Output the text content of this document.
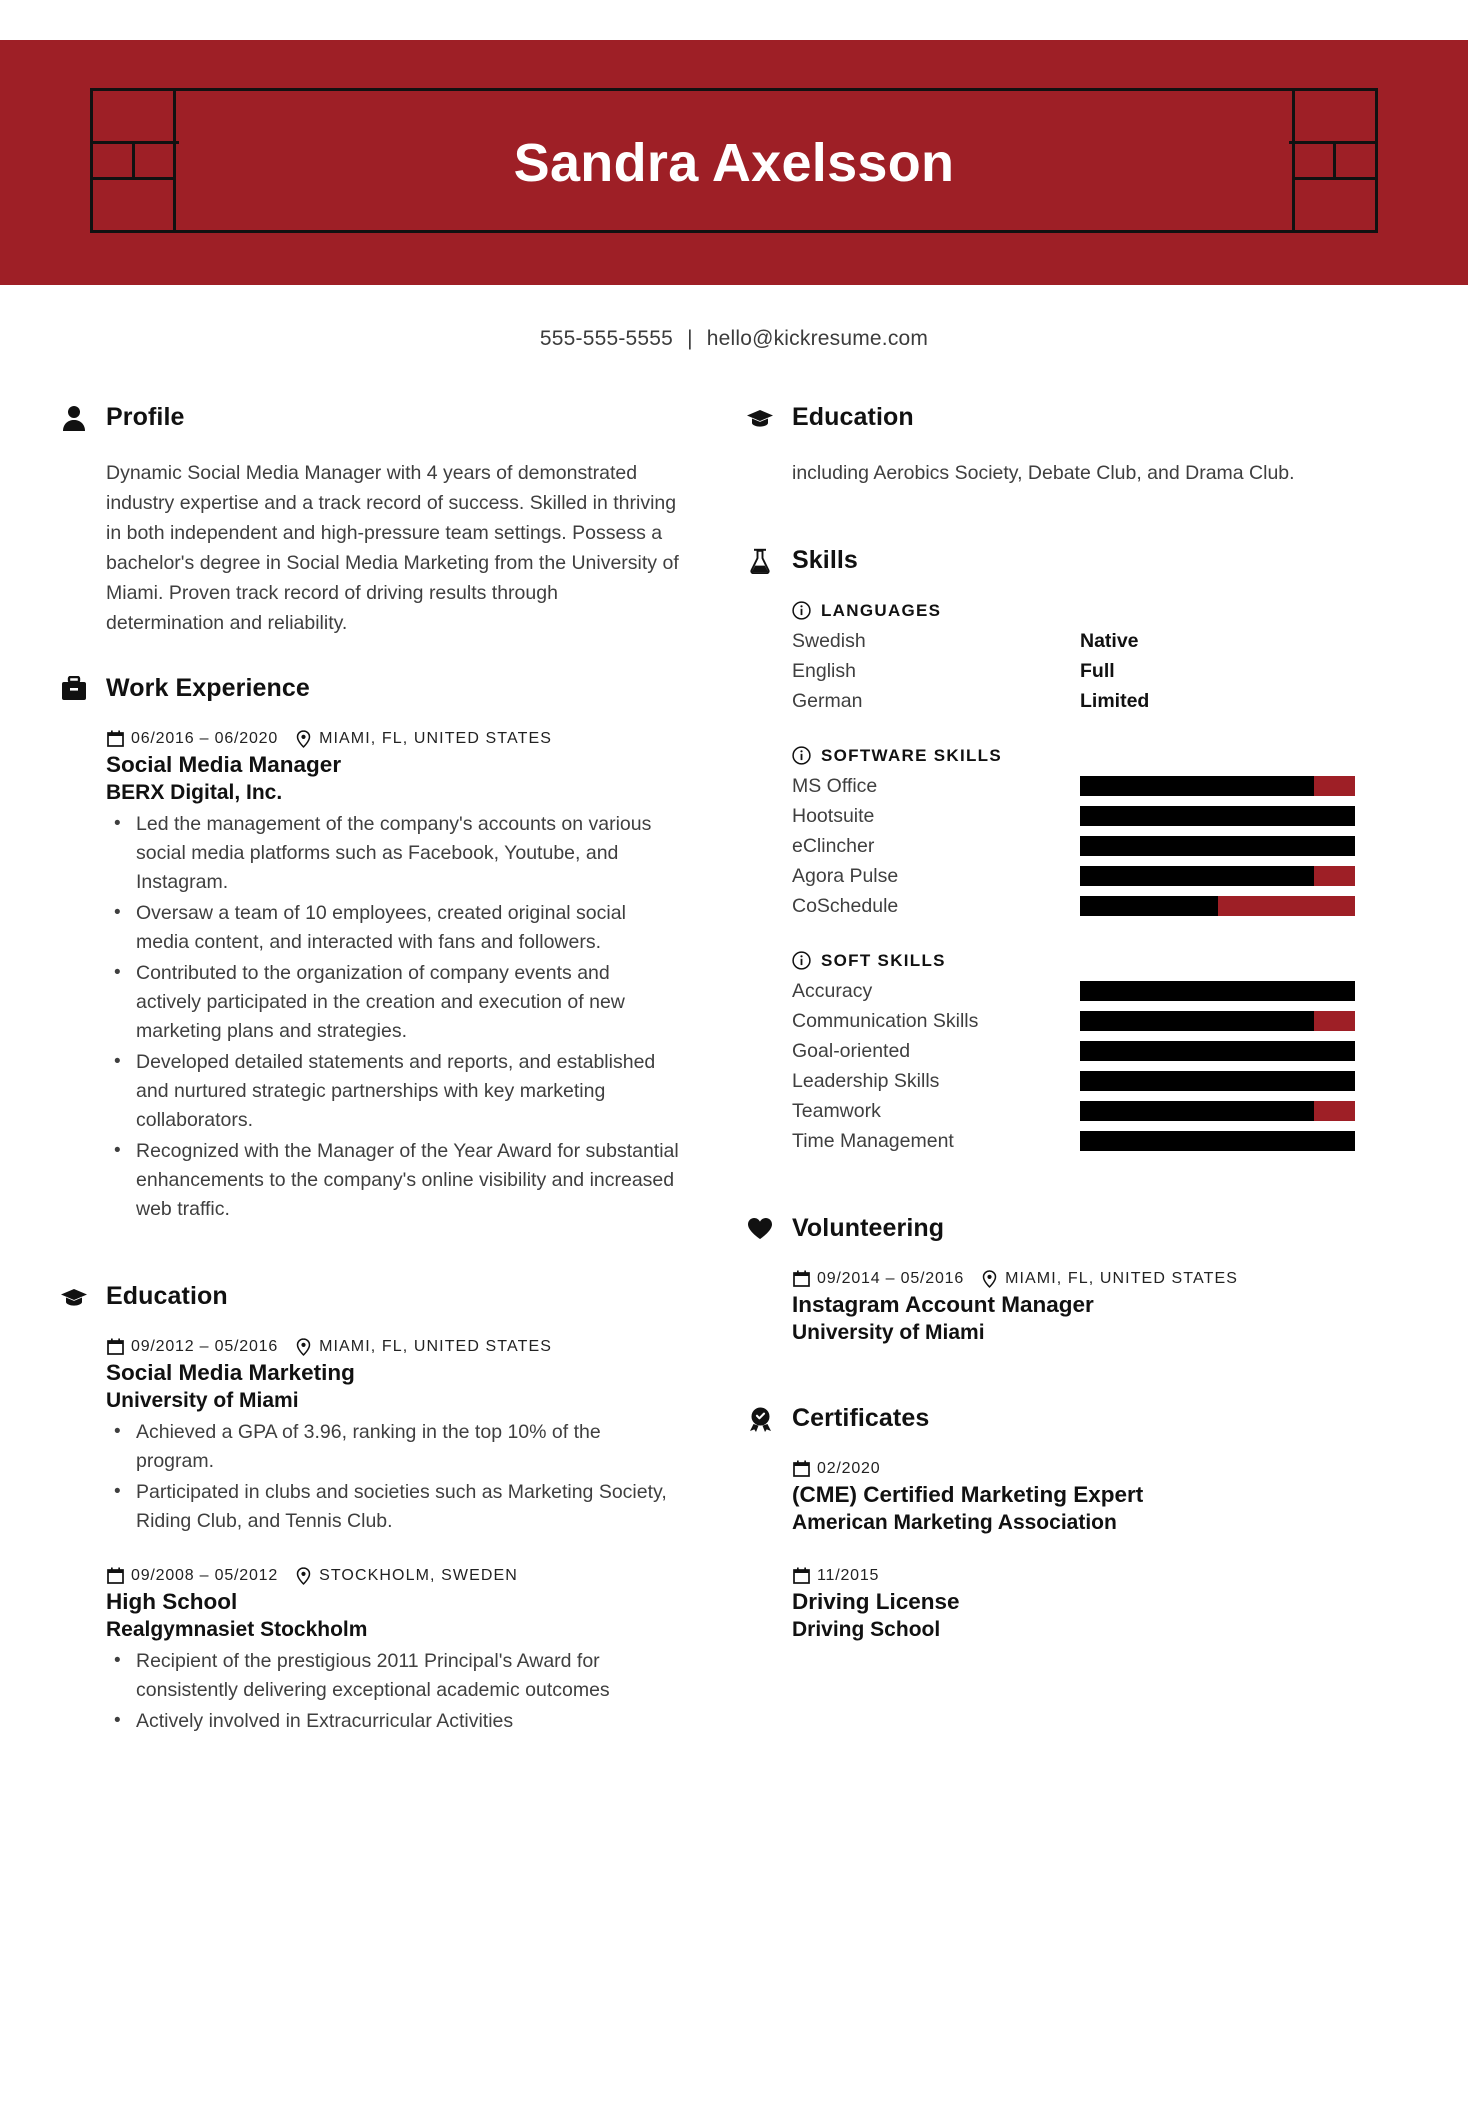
Sandra Axelsson
555-555-5555 | hello@kickresume.com
Profile

Dynamic Social Media Manager with 4 years of demonstrated industry expertise and a track record of success. Skilled in thriving in both independent and high-pressure team settings. Possess a bachelor's degree in Social Media Marketing from the University of Miami. Proven track record of driving results through determination and reliability.

Work Experience
06/2016 – 06/2020	MIAMI, FL, UNITED STATES
Social Media Manager
BERX Digital, Inc.
• Led the management of the company's accounts on various social media platforms such as Facebook, Youtube, and Instagram.
• Oversaw a team of 10 employees, created original social media content, and interacted with fans and followers.
• Contributed to the organization of company events and actively participated in the creation and execution of new marketing plans and strategies.
• Developed detailed statements and reports, and established and nurtured strategic partnerships with key marketing collaborators.
• Recognized with the Manager of the Year Award for substantial enhancements to the company's online visibility and increased web traffic.
Education
09/2012 – 05/2016	MIAMI, FL, UNITED STATES
Social Media Marketing
University of Miami
• Achieved a GPA of 3.96, ranking in the top 10% of the program.
• Participated in clubs and societies such as Marketing Society, Riding Club, and Tennis Club.
09/2008 – 05/2012	STOCKHOLM, SWEDEN
High School
Realgymnasiet Stockholm
• Recipient of the prestigious 2011 Principal's Award for consistently delivering exceptional academic outcomes
• Actively involved in Extracurricular Activities
Education

including Aerobics Society, Debate Club, and Drama Club.

Skills
LANGUAGES
Swedish	Native
English	Full
German	Limited
SOFTWARE SKILLS
MS Office
Hootsuite
eClincher
Agora Pulse
CoSchedule
SOFT SKILLS
Accuracy
Communication Skills
Goal-oriented
Leadership Skills
Teamwork
Time Management
Volunteering
09/2014 – 05/2016	MIAMI, FL, UNITED STATES
Instagram Account Manager
University of Miami
Certificates
02/2020
(CME) Certified Marketing Expert
American Marketing Association
11/2015
Driving License
Driving School
